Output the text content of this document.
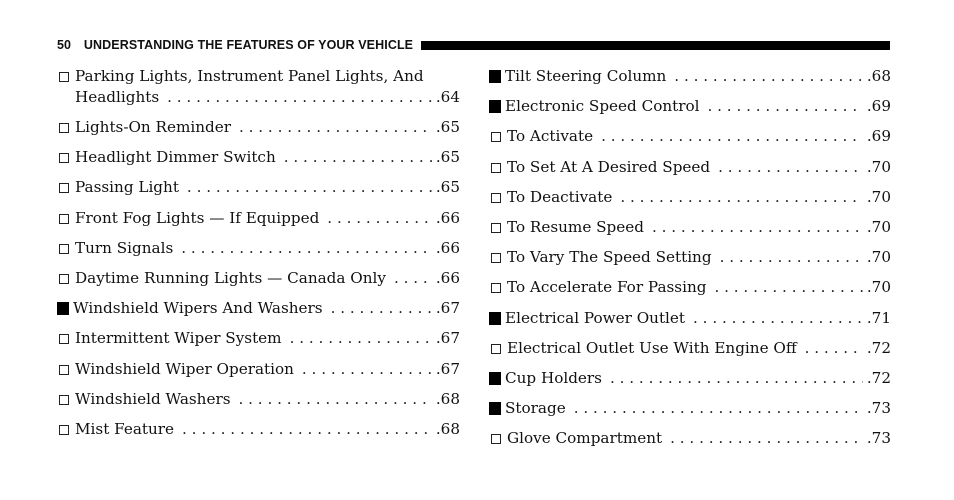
50 UNDERSTANDING THE FEATURES OF YOUR VEHICLE
Parking Lights, Instrument Panel Lights, And
Headlights . . .	.64
Lights-On Reminder . . .	.65
Headlight Dimmer Switch . . .	.65
Passing Light . . .	.65
Front Fog Lights — If Equipped . . .	.66
Turn Signals . . .	.66
Daytime Running Lights — Canada Only . . .	.66
Windshield Wipers And Washers . . .	.67
Intermittent Wiper System . . .	.67
Windshield Wiper Operation . . .	.67
Windshield Washers . . .	.68
Mist Feature . . .	.68
Tilt Steering Column . . .	.68
Electronic Speed Control . . .	.69
To Activate . . .	.69
To Set At A Desired Speed . . .	.70
To Deactivate . . .	.70
To Resume Speed . . .	.70
To Vary The Speed Setting . . .	.70
To Accelerate For Passing . . .	.70
Electrical Power Outlet . . .	.71
Electrical Outlet Use With Engine Off . . .	.72
Cup Holders . . .	.72
Storage . . .	.73
Glove Compartment . . .	.73
